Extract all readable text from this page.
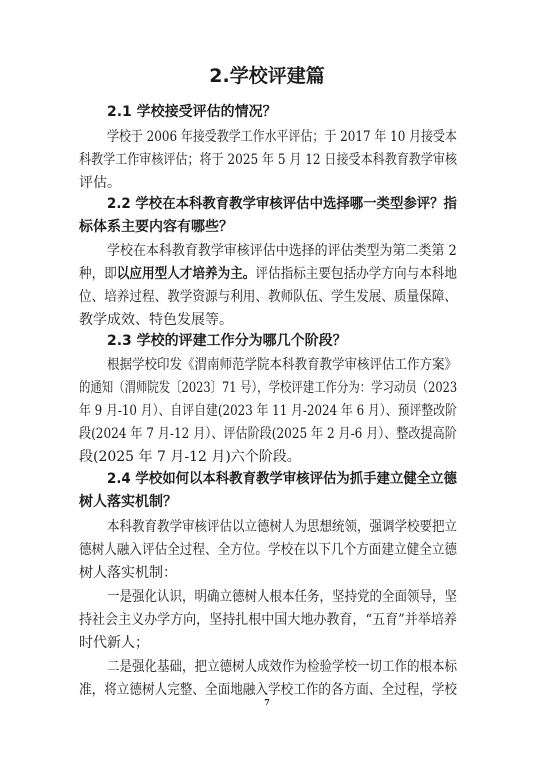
2.学校评建篇
2.1 学校接受评估的情况？
学校于 2006 年接受教学工作水平评估；于 2017 年 10 月接受本
科教学工作审核评估；将于 2025 年 5 月 12 日接受本科教育教学审核
评估。
2.2 学校在本科教育教学审核评估中选择哪一类型参评？指
标体系主要内容有哪些？
学校在本科教育教学审核评估中选择的评估类型为第二类第 2
种，即以应用型人才培养为主。评估指标主要包括办学方向与本科地
位、培养过程、教学资源与利用、教师队伍、学生发展、质量保障、
教学成效、特色发展等。
2.3 学校的评建工作分为哪几个阶段？
根据学校印发《渭南师范学院本科教育教学审核评估工作方案》
的通知（渭师院发〔2023〕71 号），学校评建工作分为：学习动员（2023
年 9 月-10 月）、自评自建(2023 年 11 月-2024 年 6 月）、预评整改阶
段(2024 年 7 月-12 月）、评估阶段(2025 年 2 月-6 月）、整改提高阶
段(2025 年 7 月-12 月)六个阶段。
2.4 学校如何以本科教育教学审核评估为抓手建立健全立德
树人落实机制？
本科教育教学审核评估以立德树人为思想统领，强调学校要把立
德树人融入评估全过程、全方位。学校在以下几个方面建立健全立德
树人落实机制：
一是强化认识，明确立德树人根本任务，坚持党的全面领导，坚
持社会主义办学方向，坚持扎根中国大地办教育，“五育”并举培养
时代新人；
二是强化基础，把立德树人成效作为检验学校一切工作的根本标
准，将立德树人完整、全面地融入学校工作的各方面、全过程，学校
7
